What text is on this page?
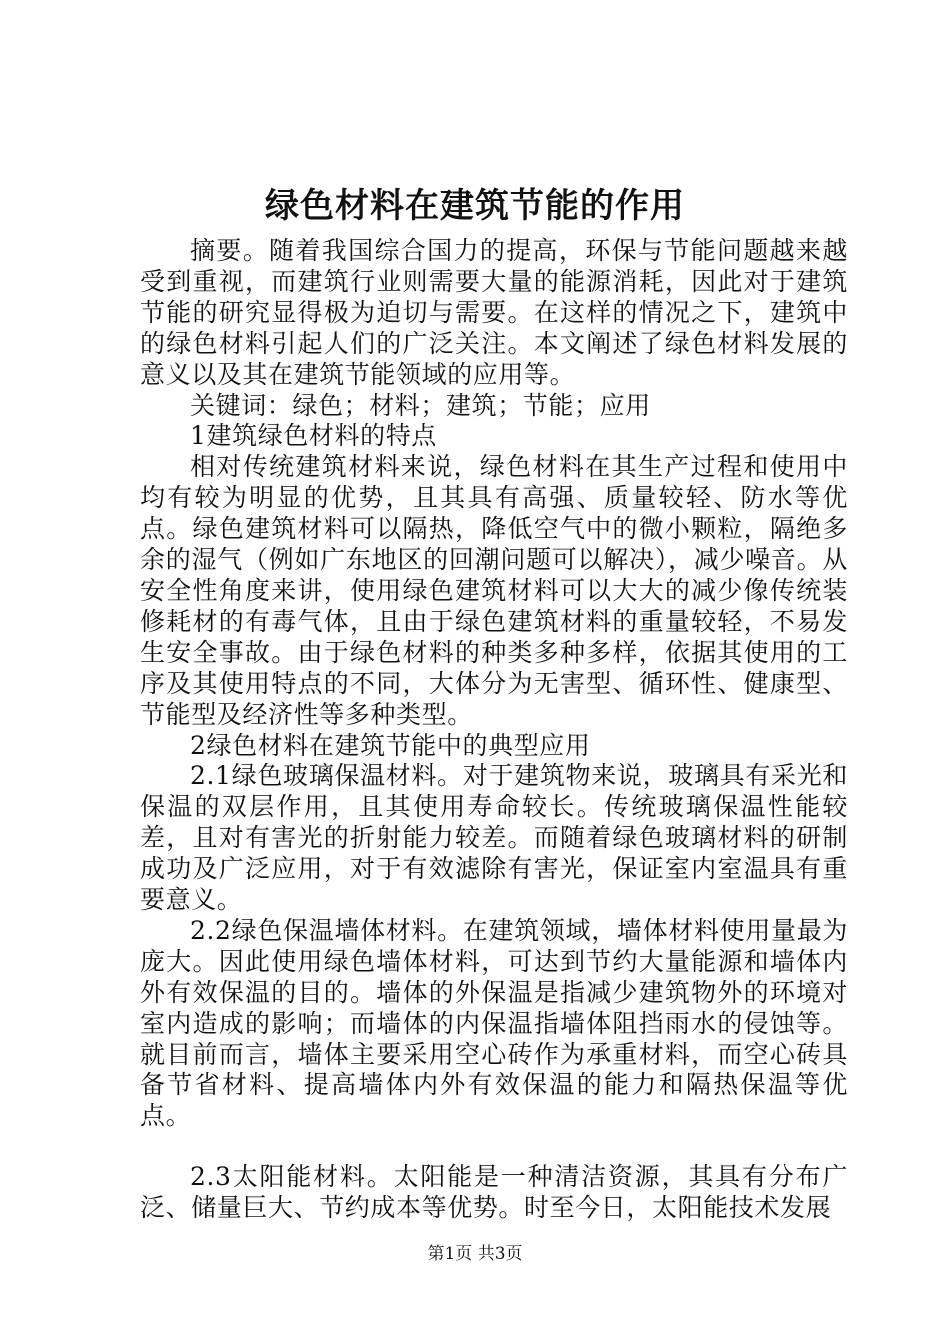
绿色材料在建筑节能的作用

摘要。随着我国综合国力的提高，环保与节能问题越来越受到重视，而建筑行业则需要大量的能源消耗，因此对于建筑节能的研究显得极为迫切与需要。在这样的情况之下，建筑中的绿色材料引起人们的广泛关注。本文阐述了绿色材料发展的意义以及其在建筑节能领域的应用等。

关键词：绿色；材料；建筑；节能；应用

1建筑绿色材料的特点

相对传统建筑材料来说，绿色材料在其生产过程和使用中均有较为明显的优势，且其具有高强、质量较轻、防水等优点。绿色建筑材料可以隔热，降低空气中的微小颗粒，隔绝多余的湿气（例如广东地区的回潮问题可以解决），减少噪音。从安全性角度来讲，使用绿色建筑材料可以大大的减少像传统装修耗材的有毒气体，且由于绿色建筑材料的重量较轻，不易发生安全事故。由于绿色材料的种类多种多样，依据其使用的工序及其使用特点的不同，大体分为无害型、循环性、健康型、节能型及经济性等多种类型。

2绿色材料在建筑节能中的典型应用

2.1绿色玻璃保温材料。对于建筑物来说，玻璃具有采光和保温的双层作用，且其使用寿命较长。传统玻璃保温性能较差，且对有害光的折射能力较差。而随着绿色玻璃材料的研制成功及广泛应用，对于有效滤除有害光，保证室内室温具有重要意义。

2.2绿色保温墙体材料。在建筑领域，墙体材料使用量最为庞大。因此使用绿色墙体材料，可达到节约大量能源和墙体内外有效保温的目的。墙体的外保温是指减少建筑物外的环境对室内造成的影响；而墙体的内保温指墙体阻挡雨水的侵蚀等。就目前而言，墙体主要采用空心砖作为承重材料，而空心砖具备节省材料、提高墙体内外有效保温的能力和隔热保温等优点。

2.3太阳能材料。太阳能是一种清洁资源，其具有分布广泛、储量巨大、节约成本等优势。时至今日，太阳能技术发展

第1页 共3页
